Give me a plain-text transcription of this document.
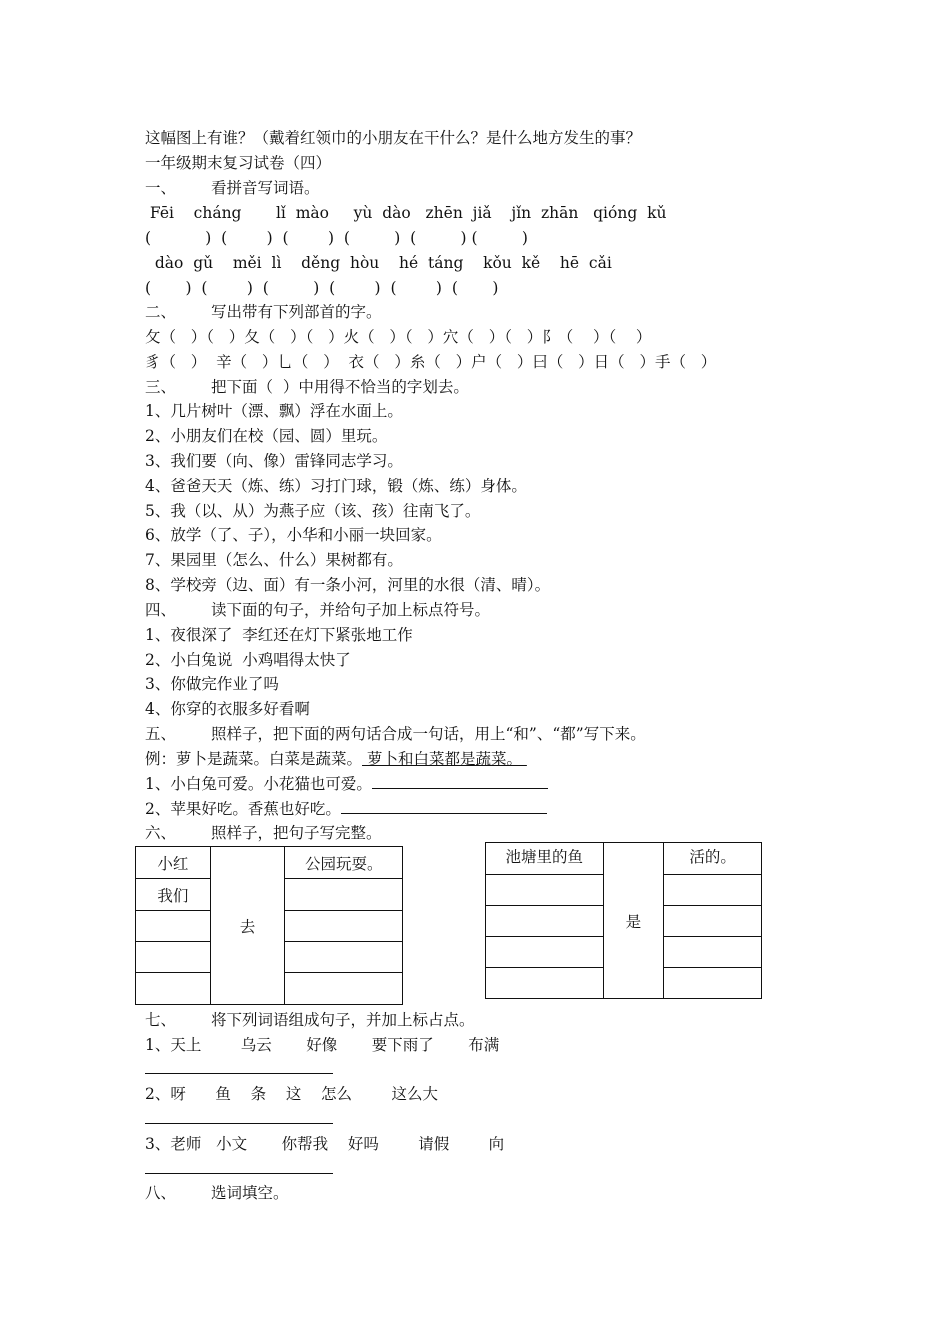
这幅图上有谁？（戴着红领巾的小朋友在干什么？是什么地方发生的事？
一年级期末复习试卷（四）
一、 看拼音写词语。
Fēi    cháng       lǐ  mào     yù  dào   zhēn  jiǎ    jǐn  zhān   qióng  kǔ
(           )  (        )  (        )  (         )  (         ) (         )
dào  gǔ    měi  lì    děng  hòu    hé  táng    kǒu  kě    hē  cǎi
(       )  (        )  (         )  (        )  (        )  (       )
二、 写出带有下列部首的字。
攵（   ）（   ）夂（   ）（   ）火（   ）（   ）穴（   ）（   ）阝（    ）（    ）
豸（   ）  辛（   ）乚（   ）  衣（   ）糸（   ）户（   ）曰（   ）日（   ）手（   ）
三、 把下面（  ）中用得不恰当的字划去。
1、几片树叶（漂、飘）浮在水面上。
2、小朋友们在校（园、圆）里玩。
3、我们要（向、像）雷锋同志学习。
4、爸爸天天（炼、练）习打门球，锻（炼、练）身体。
5、我（以、从）为燕子应（该、孩）往南飞了。
6、放学（了、子），小华和小丽一块回家。
7、果园里（怎么、什么）果树都有。
8、学校旁（边、面）有一条小河，河里的水很（清、晴）。
四、 读下面的句子，并给句子加上标点符号。
1、夜很深了  李红还在灯下紧张地工作
2、小白兔说  小鸡唱得太快了
3、你做完作业了吗
4、你穿的衣服多好看啊
五、 照样子，把下面的两句话合成一句话，用上“和”、“都”写下来。
例：萝卜是蔬菜。白菜是蔬菜。 萝卜和白菜都是蔬菜。
1、小白兔可爱。小花猫也可爱。
2、苹果好吃。香蕉也好吃。
六、 照样子，把句子写完整。
小红	去	公园玩耍。
我们		

池塘里的鱼	是	活的。

七、 将下列词语组成句子，并加上标占点。
1、天上        乌云       好像       要下雨了       布满
2、呀      鱼    条    这    怎么        这么大
3、老师   小文       你帮我    好吗        请假        向
八、 选词填空。
